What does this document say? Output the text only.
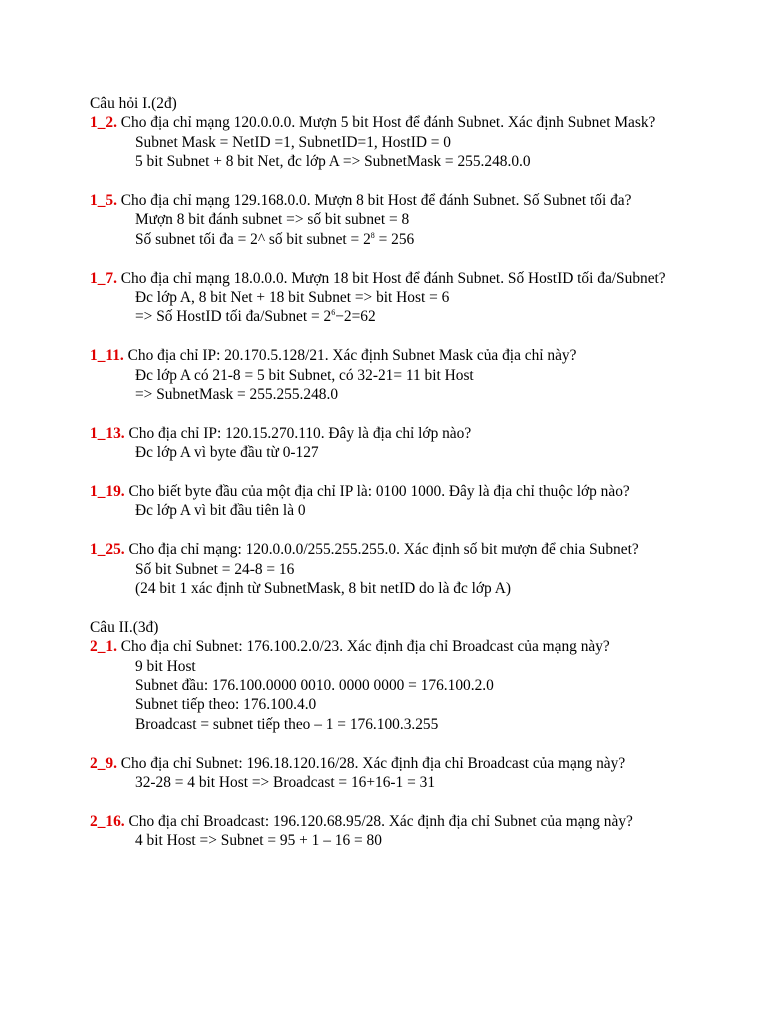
Câu hỏi I.(2đ)
1_2. Cho địa chỉ mạng 120.0.0.0. Mượn 5 bit Host để đánh Subnet. Xác định Subnet Mask?
Subnet Mask = NetID =1, SubnetID=1, HostID = 0
5 bit Subnet + 8 bit Net, đc lớp A => SubnetMask = 255.248.0.0
1_5. Cho địa chỉ mạng 129.168.0.0. Mượn 8 bit Host để đánh Subnet. Số Subnet tối đa?
Mượn 8 bit đánh subnet => số bit subnet = 8
Số subnet tối đa = 2^ số bit subnet = $2^8 = 256$
1_7. Cho địa chỉ mạng 18.0.0.0. Mượn 18 bit Host để đánh Subnet. Số HostID tối đa/Subnet?
Đc lớp A, 8 bit Net + 18 bit Subnet => bit Host = 6
=> Số HostID tối đa/Subnet = $2^6-2=62$
1_11. Cho địa chỉ IP: 20.170.5.128/21. Xác định Subnet Mask của địa chỉ này?
Đc lớp A có 21-8 = 5 bit Subnet, có 32-21= 11 bit Host
=> SubnetMask = 255.255.248.0
1_13. Cho địa chỉ IP: 120.15.270.110. Đây là địa chỉ lớp nào?
Đc lớp A vì byte đầu từ 0-127
1_19. Cho biết byte đầu của một địa chỉ IP là: 0100 1000. Đây là địa chỉ thuộc lớp nào?
Đc lớp A vì bit đầu tiên là 0
1_25. Cho địa chỉ mạng: 120.0.0.0/255.255.255.0. Xác định số bit mượn để chia Subnet?
Số bit Subnet = 24-8 = 16
(24 bit 1 xác định từ SubnetMask, 8 bit netID do là đc lớp A)
Câu II.(3đ)
2_1. Cho địa chỉ Subnet: 176.100.2.0/23. Xác định địa chỉ Broadcast của mạng này?
9 bit Host
Subnet đầu: 176.100.0000 0010. 0000 0000 = 176.100.2.0
Subnet tiếp theo: 176.100.4.0
Broadcast = subnet tiếp theo – 1 = 176.100.3.255
2_9. Cho địa chỉ Subnet: 196.18.120.16/28. Xác định địa chỉ Broadcast của mạng này?
32-28 = 4 bit Host => Broadcast = 16+16-1 = 31
2_16. Cho địa chỉ Broadcast: 196.120.68.95/28. Xác định địa chỉ Subnet của mạng này?
4 bit Host => Subnet = 95 + 1 – 16 = 80
